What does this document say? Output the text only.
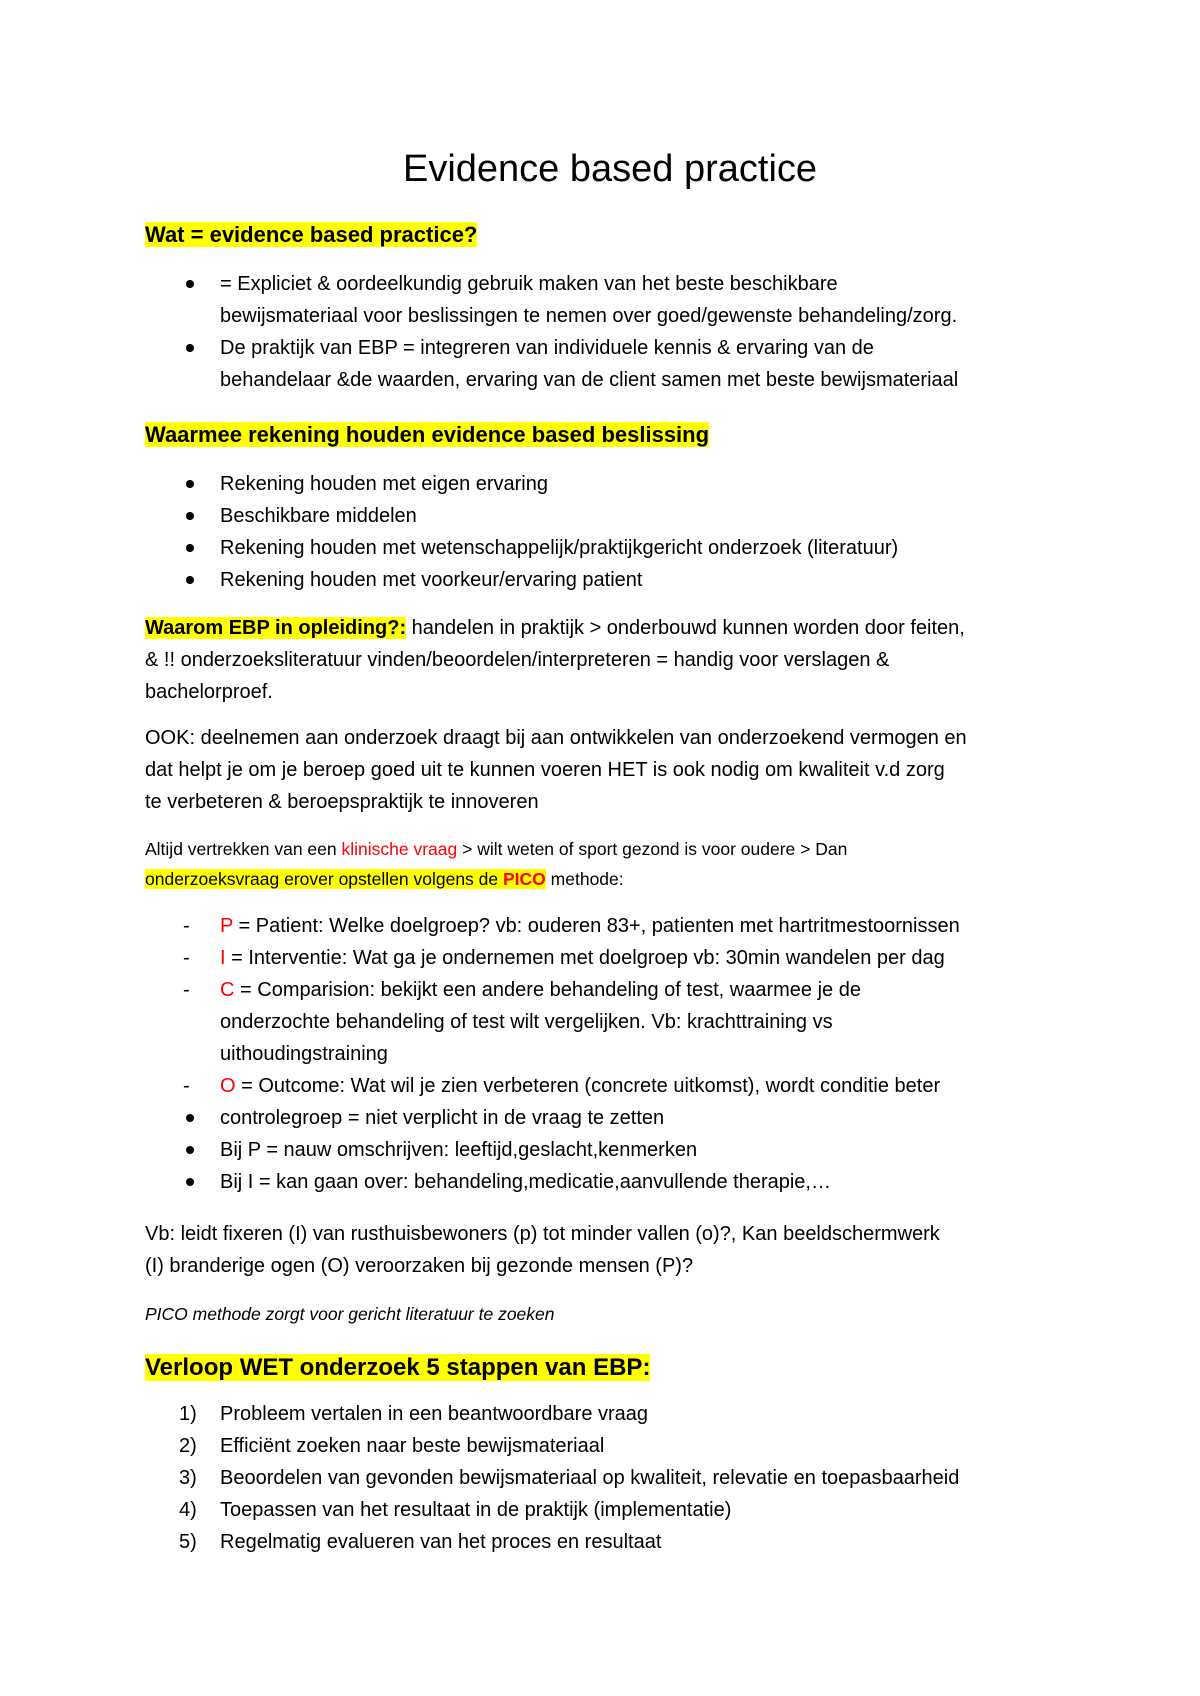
Evidence based practice
Wat = evidence based practice?
= Expliciet & oordeelkundig gebruik maken van het beste beschikbare
bewijsmateriaal voor beslissingen te nemen over goed/gewenste behandeling/zorg.
De praktijk van EBP = integreren van individuele kennis & ervaring van de
behandelaar &de waarden, ervaring van de client samen met beste bewijsmateriaal
Waarmee rekening houden evidence based beslissing
Rekening houden met eigen ervaring
Beschikbare middelen
Rekening houden met wetenschappelijk/praktijkgericht onderzoek (literatuur)
Rekening houden met voorkeur/ervaring patient
Waarom EBP in opleiding?: handelen in praktijk > onderbouwd kunnen worden door feiten,
& !! onderzoeksliteratuur vinden/beoordelen/interpreteren = handig voor verslagen &
bachelorproef.
OOK: deelnemen aan onderzoek draagt bij aan ontwikkelen van onderzoekend vermogen en
dat helpt je om je beroep goed uit te kunnen voeren HET is ook nodig om kwaliteit v.d zorg
te verbeteren & beroepspraktijk te innoveren
Altijd vertrekken van een klinische vraag > wilt weten of sport gezond is voor oudere > Dan
onderzoeksvraag erover opstellen volgens de PICO methode:
- P = Patient: Welke doelgroep? vb: ouderen 83+, patienten met hartritmestoornissen
- I = Interventie: Wat ga je ondernemen met doelgroep vb: 30min wandelen per dag
- C = Comparision: bekijkt een andere behandeling of test, waarmee je de
onderzochte behandeling of test wilt vergelijken. Vb: krachttraining vs
uithoudingstraining
- O = Outcome: Wat wil je zien verbeteren (concrete uitkomst), wordt conditie beter
controlegroep = niet verplicht in de vraag te zetten
Bij P = nauw omschrijven: leeftijd,geslacht,kenmerken
Bij I = kan gaan over: behandeling,medicatie,aanvullende therapie,…
Vb: leidt fixeren (I) van rusthuisbewoners (p) tot minder vallen (o)?, Kan beeldschermwerk
(I) branderige ogen (O) veroorzaken bij gezonde mensen (P)?
PICO methode zorgt voor gericht literatuur te zoeken
Verloop WET onderzoek 5 stappen van EBP:
1) Probleem vertalen in een beantwoordbare vraag
2) Efficiënt zoeken naar beste bewijsmateriaal
3) Beoordelen van gevonden bewijsmateriaal op kwaliteit, relevatie en toepasbaarheid
4) Toepassen van het resultaat in de praktijk (implementatie)
5) Regelmatig evalueren van het proces en resultaat
